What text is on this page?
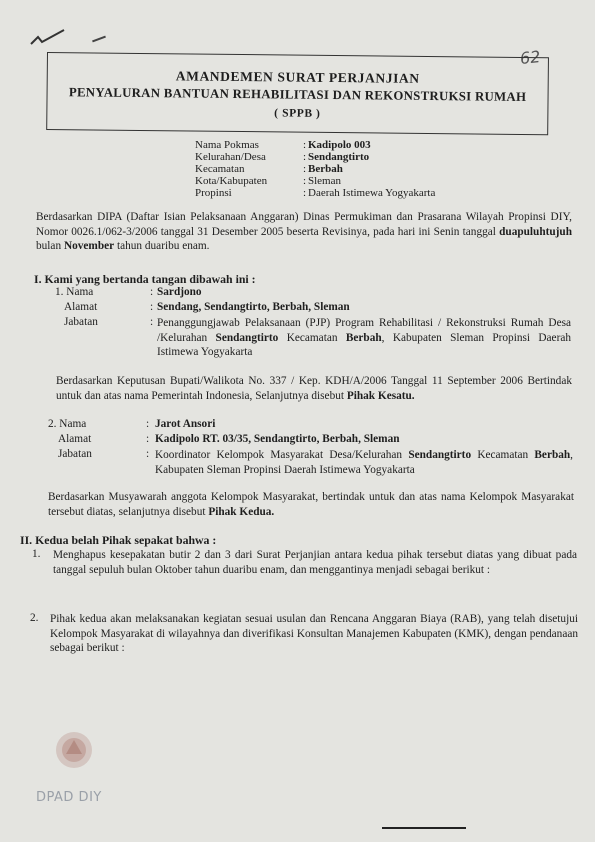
62
AMANDEMEN SURAT PERJANJIAN
PENYALURAN BANTUAN REHABILITASI DAN REKONSTRUKSI RUMAH
( SPPB )
Nama Pokmas	: Kadipolo 003
Kelurahan/Desa	: Sendangtirto
Kecamatan	: Berbah
Kota/Kabupaten	: Sleman
Propinsi	: Daerah Istimewa Yogyakarta
Berdasarkan DIPA (Daftar Isian Pelaksanaan Anggaran) Dinas Permukiman dan Prasarana Wilayah Propinsi DIY, Nomor 0026.1/062-3/2006 tanggal 31 Desember 2005 beserta Revisinya, pada hari ini Senin tanggal duapuluhtujuh bulan November tahun duaribu enam.
I. Kami yang bertanda tangan dibawah ini :
1. Nama	: Sardjono
Alamat	: Sendang, Sendangtirto, Berbah, Sleman
Jabatan	: Penanggungjawab Pelaksanaan (PJP) Program Rehabilitasi / Rekonstruksi Rumah Desa /Kelurahan Sendangtirto Kecamatan Berbah, Kabupaten Sleman Propinsi Daerah Istimewa Yogyakarta
Berdasarkan Keputusan Bupati/Walikota No. 337 / Kep. KDH/A/2006 Tanggal 11 September 2006 Bertindak untuk dan atas nama Pemerintah Indonesia, Selanjutnya disebut Pihak Kesatu.
2. Nama	: Jarot Ansori
Alamat	: Kadipolo RT. 03/35, Sendangtirto, Berbah, Sleman
Jabatan	: Koordinator Kelompok Masyarakat Desa/Kelurahan Sendangtirto Kecamatan Berbah, Kabupaten Sleman Propinsi Daerah Istimewa Yogyakarta
Berdasarkan Musyawarah anggota Kelompok Masyarakat, bertindak untuk dan atas nama Kelompok Masyarakat tersebut diatas, selanjutnya disebut Pihak Kedua.
II. Kedua belah Pihak sepakat bahwa :
1. Menghapus kesepakatan butir 2 dan 3 dari Surat Perjanjian antara kedua pihak tersebut diatas yang dibuat pada tanggal sepuluh bulan Oktober tahun duaribu enam, dan menggantinya menjadi sebagai berikut :
2. Pihak kedua akan melaksanakan kegiatan sesuai usulan dan Rencana Anggaran Biaya (RAB), yang telah disetujui Kelompok Masyarakat di wilayahnya dan diverifikasi Konsultan Manajemen Kabupaten (KMK), dengan pendanaan sebagai berikut :
DPAD DIY
